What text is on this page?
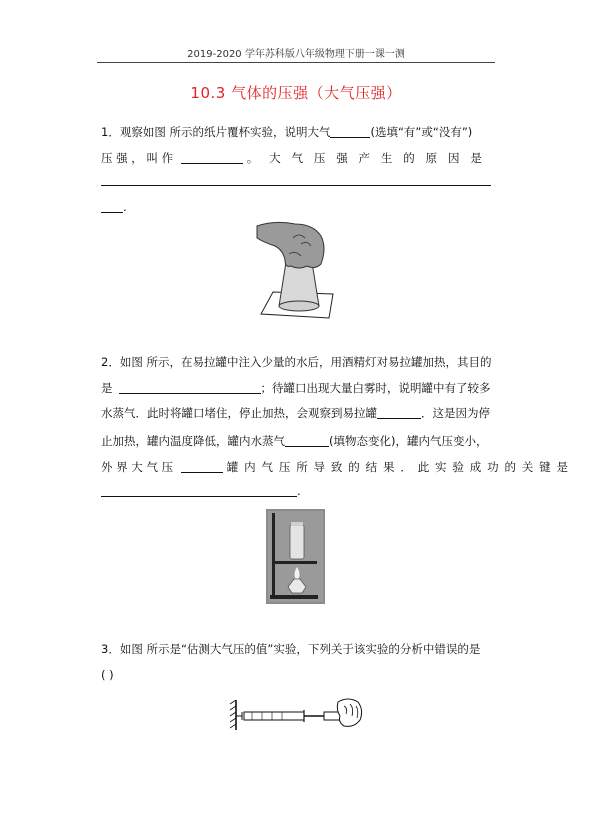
2019-2020 学年苏科版八年级物理下册一课一测
10.3 气体的压强（大气压强）
1．观察如图 所示的纸片覆杯实验，说明大气	(选填“有”或“没有”)
压 强 ， 叫 作	。 大 气 压 强 产 生 的 原 因 是
.
2．如图 所示，在易拉罐中注入少量的水后，用酒精灯对易拉罐加热，其目的
是	；待罐口出现大量白雾时，说明罐中有了较多
水蒸气．此时将罐口堵住，停止加热，会观察到易拉罐	．这是因为停
止加热，罐内温度降低，罐内水蒸气	(填物态变化)，罐内气压变小，
外 界 大 气 压	罐 内 气 压 所 导 致 的 结 果 ． 此 实 验 成 功 的 关 键 是
.
3．如图 所示是“估测大气压的值”实验，下列关于该实验的分析中错误的是
( )
